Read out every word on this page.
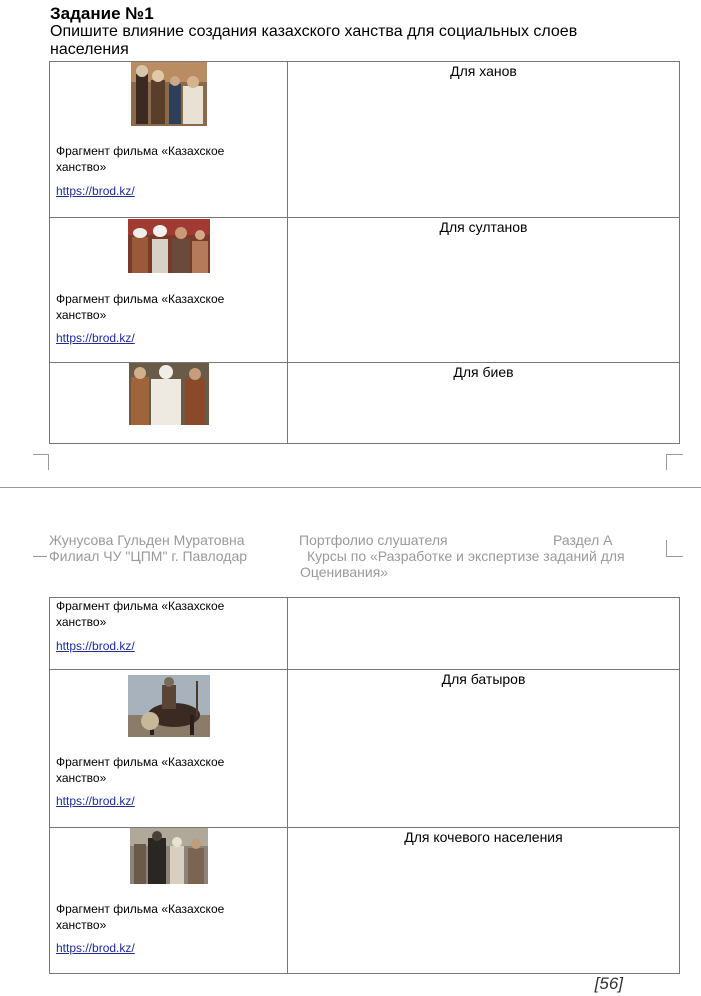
Задание №1
Опишите влияние создания казахского ханства для социальных слоев населения
Фрагмент фильма «Казахское ханство»
https://brod.kz/	Для ханов

Фрагмент фильма «Казахское ханство»
https://brod.kz/	Для султанов

Для биев
Жунусова Гульден Муратовна
Филиал ЧУ "ЦПМ" г. Павлодар
Портфолио слушателя	Раздел А
Курсы по «Разработке и экспертизе заданий для Оценивания»
Фрагмент фильма «Казахское ханство»
https://brod.kz/	

Фрагмент фильма «Казахское ханство»
https://brod.kz/	Для батыров

Фрагмент фильма «Казахское ханство»
https://brod.kz/	Для кочевого населения
[56]
